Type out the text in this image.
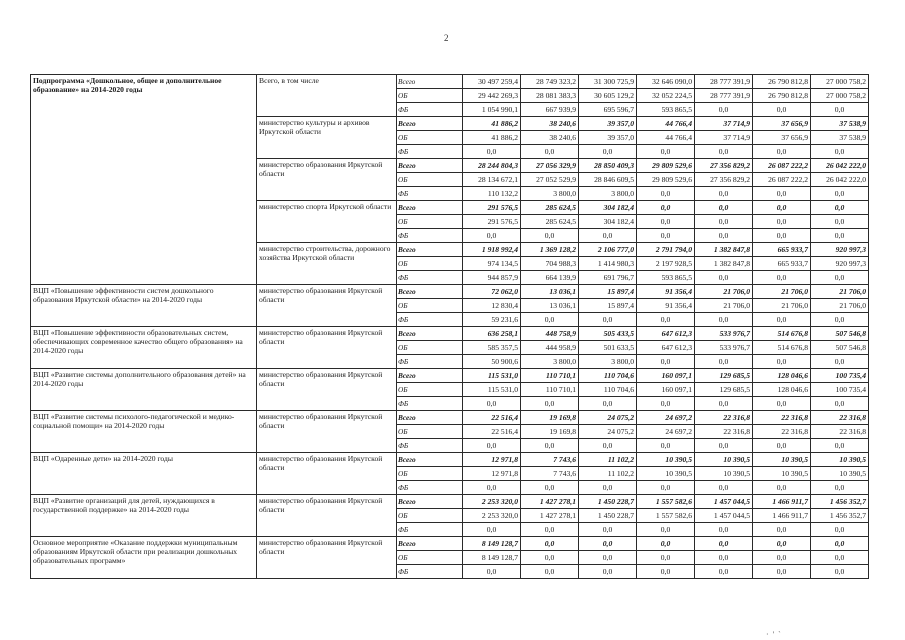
2
Подпрограмма «Дошкольное, общее и дополнительное образование» на 2014-2020 годы	Всего, в том числе	Всего	30 497 259,4	28 749 323,2	31 300 725,9	32 646 090,0	28 777 391,9	26 790 812,8	27 000 758,2
		ОБ	29 442 269,3	28 081 383,3	30 605 129,2	32 052 224,5	28 777 391,9	26 790 812,8	27 000 758,2
		ФБ	1 054 990,1	667 939,9	695 596,7	593 865,5	0,0	0,0	0,0
	министерство культуры и архивов Иркутской области	Всего	41 886,2	38 240,6	39 357,0	44 766,4	37 714,9	37 656,9	37 538,9
		ОБ	41 886,2	38 240,6	39 357,0	44 766,4	37 714,9	37 656,9	37 538,9
		ФБ	0,0	0,0	0,0	0,0	0,0	0,0	0,0
	министерство образования Иркутской области	Всего	28 244 804,3	27 056 329,9	28 850 409,3	29 809 529,6	27 356 829,2	26 087 222,2	26 042 222,0
		ОБ	28 134 672,1	27 052 529,9	28 846 609,5	29 809 529,6	27 356 829,2	26 087 222,2	26 042 222,0
		ФБ	110 132,2	3 800,0	3 800,0	0,0	0,0	0,0	0,0
	министерство спорта Иркутской области	Всего	291 576,5	285 624,5	304 182,4	0,0	0,0	0,0	0,0
		ОБ	291 576,5	285 624,5	304 182,4	0,0	0,0	0,0	0,0
		ФБ	0,0	0,0	0,0	0,0	0,0	0,0	0,0
	министерство строительства, дорожного хозяйства Иркутской области	Всего	1 918 992,4	1 369 128,2	2 106 777,0	2 791 794,0	1 382 847,8	665 933,7	920 997,3
		ОБ	974 134,5	704 988,3	1 414 980,3	2 197 928,5	1 382 847,8	665 933,7	920 997,3
		ФБ	944 857,9	664 139,9	691 796,7	593 865,5	0,0	0,0	0,0
ВЦП «Повышение эффективности систем дошкольного образования Иркутской области» на 2014-2020 годы	министерство образования Иркутской области	Всего	72 062,0	13 036,1	15 897,4	91 356,4	21 706,0	21 706,0	21 706,0
		ОБ	12 830,4	13 036,1	15 897,4	91 356,4	21 706,0	21 706,0	21 706,0
		ФБ	59 231,6	0,0	0,0	0,0	0,0	0,0	0,0
ВЦП «Повышение эффективности образовательных систем, обеспечивающих современное качество общего образования» на 2014-2020 годы	министерство образования Иркутской области	Всего	636 258,1	448 758,9	505 433,5	647 612,3	533 976,7	514 676,8	507 546,8
		ОБ	585 357,5	444 958,9	501 633,5	647 612,3	533 976,7	514 676,8	507 546,8
		ФБ	50 900,6	3 800,0	3 800,0	0,0	0,0	0,0	0,0
ВЦП «Развитие системы дополнительного образования детей» на 2014-2020 годы	министерство образования Иркутской области	Всего	115 531,0	110 710,1	110 704,6	160 097,1	129 685,5	128 046,6	100 735,4
		ОБ	115 531,0	110 710,1	110 704,6	160 097,1	129 685,5	128 046,6	100 735,4
		ФБ	0,0	0,0	0,0	0,0	0,0	0,0	0,0
ВЦП «Развитие системы психолого-педагогической и медико-социальной помощи» на 2014-2020 годы	министерство образования Иркутской области	Всего	22 516,4	19 169,8	24 075,2	24 697,2	22 316,8	22 316,8	22 316,8
		ОБ	22 516,4	19 169,8	24 075,2	24 697,2	22 316,8	22 316,8	22 316,8
		ФБ	0,0	0,0	0,0	0,0	0,0	0,0	0,0
ВЦП «Одаренные дети» на 2014-2020 годы	министерство образования Иркутской области	Всего	12 971,8	7 743,6	11 102,2	10 390,5	10 390,5	10 390,5	10 390,5
		ОБ	12 971,8	7 743,6	11 102,2	10 390,5	10 390,5	10 390,5	10 390,5
		ФБ	0,0	0,0	0,0	0,0	0,0	0,0	0,0
ВЦП «Развитие организаций для детей, нуждающихся в государственной поддержке» на 2014-2020 годы	министерство образования Иркутской области	Всего	2 253 320,0	1 427 278,1	1 450 228,7	1 557 582,6	1 457 044,5	1 466 911,7	1 456 352,7
		ОБ	2 253 320,0	1 427 278,1	1 450 228,7	1 557 582,6	1 457 044,5	1 466 911,7	1 456 352,7
		ФБ	0,0	0,0	0,0	0,0	0,0	0,0	0,0
Основное мероприятие «Оказание поддержки муниципальным образованиям Иркутской области при реализации дошкольных образовательных программ»	министерство образования Иркутской области	Всего	8 149 128,7	0,0	0,0	0,0	0,0	0,0	0,0
		ОБ	8 149 128,7	0,0	0,0	0,0	0,0	0,0	0,0
		ФБ	0,0	0,0	0,0	0,0	0,0	0,0	0,0
· ' `
